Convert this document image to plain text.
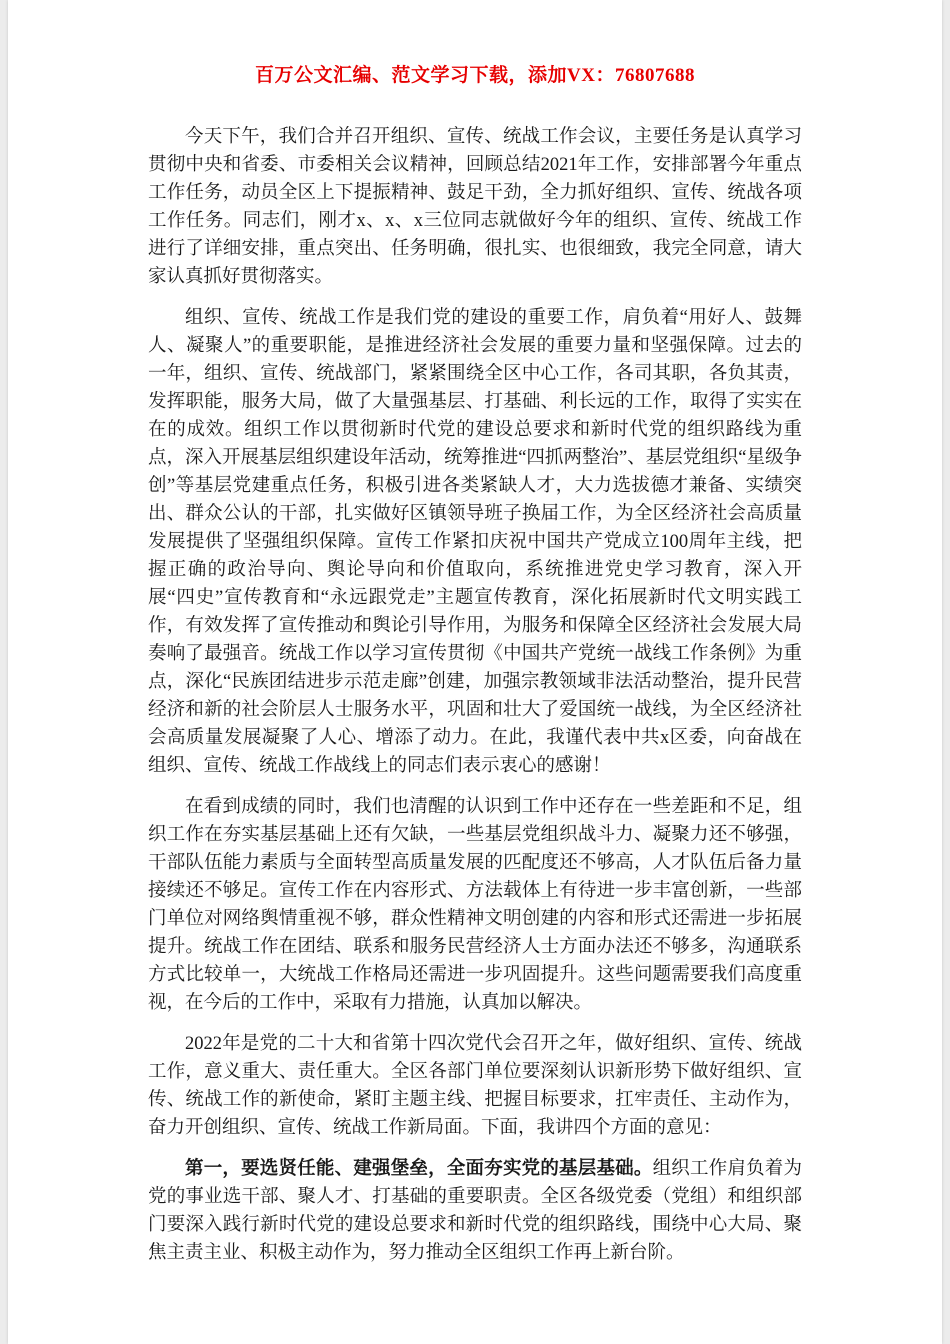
百万公文汇编、范文学习下载，添加VX：76807688

今天下午，我们合并召开组织、宣传、统战工作会议，主要任务是认真学习贯彻中央和省委、市委相关会议精神，回顾总结2021年工作，安排部署今年重点工作任务，动员全区上下提振精神、鼓足干劲，全力抓好组织、宣传、统战各项工作任务。同志们，刚才x、x、x三位同志就做好今年的组织、宣传、统战工作进行了详细安排，重点突出、任务明确，很扎实、也很细致，我完全同意，请大家认真抓好贯彻落实。

组织、宣传、统战工作是我们党的建设的重要工作，肩负着“用好人、鼓舞人、凝聚人”的重要职能，是推进经济社会发展的重要力量和坚强保障。过去的一年，组织、宣传、统战部门，紧紧围绕全区中心工作，各司其职，各负其责，发挥职能，服务大局，做了大量强基层、打基础、利长远的工作，取得了实实在在的成效。组织工作以贯彻新时代党的建设总要求和新时代党的组织路线为重点，深入开展基层组织建设年活动，统筹推进“四抓两整治”、基层党组织“星级争创”等基层党建重点任务，积极引进各类紧缺人才，大力选拔德才兼备、实绩突出、群众公认的干部，扎实做好区镇领导班子换届工作，为全区经济社会高质量发展提供了坚强组织保障。宣传工作紧扣庆祝中国共产党成立100周年主线，把握正确的政治导向、舆论导向和价值取向，系统推进党史学习教育，深入开展“四史”宣传教育和“永远跟党走”主题宣传教育，深化拓展新时代文明实践工作，有效发挥了宣传推动和舆论引导作用，为服务和保障全区经济社会发展大局奏响了最强音。统战工作以学习宣传贯彻《中国共产党统一战线工作条例》为重点，深化“民族团结进步示范走廊”创建，加强宗教领域非法活动整治，提升民营经济和新的社会阶层人士服务水平，巩固和壮大了爱国统一战线，为全区经济社会高质量发展凝聚了人心、增添了动力。在此，我谨代表中共x区委，向奋战在组织、宣传、统战工作战线上的同志们表示衷心的感谢！

在看到成绩的同时，我们也清醒的认识到工作中还存在一些差距和不足，组织工作在夯实基层基础上还有欠缺，一些基层党组织战斗力、凝聚力还不够强，干部队伍能力素质与全面转型高质量发展的匹配度还不够高，人才队伍后备力量接续还不够足。宣传工作在内容形式、方法载体上有待进一步丰富创新，一些部门单位对网络舆情重视不够，群众性精神文明创建的内容和形式还需进一步拓展提升。统战工作在团结、联系和服务民营经济人士方面办法还不够多，沟通联系方式比较单一，大统战工作格局还需进一步巩固提升。这些问题需要我们高度重视，在今后的工作中，采取有力措施，认真加以解决。

2022年是党的二十大和省第十四次党代会召开之年，做好组织、宣传、统战工作，意义重大、责任重大。全区各部门单位要深刻认识新形势下做好组织、宣传、统战工作的新使命，紧盯主题主线、把握目标要求，扛牢责任、主动作为，奋力开创组织、宣传、统战工作新局面。下面，我讲四个方面的意见：

第一，要选贤任能、建强堡垒，全面夯实党的基层基础。组织工作肩负着为党的事业选干部、聚人才、打基础的重要职责。全区各级党委（党组）和组织部门要深入践行新时代党的建设总要求和新时代党的组织路线，围绕中心大局、聚焦主责主业、积极主动作为，努力推动全区组织工作再上新台阶。
